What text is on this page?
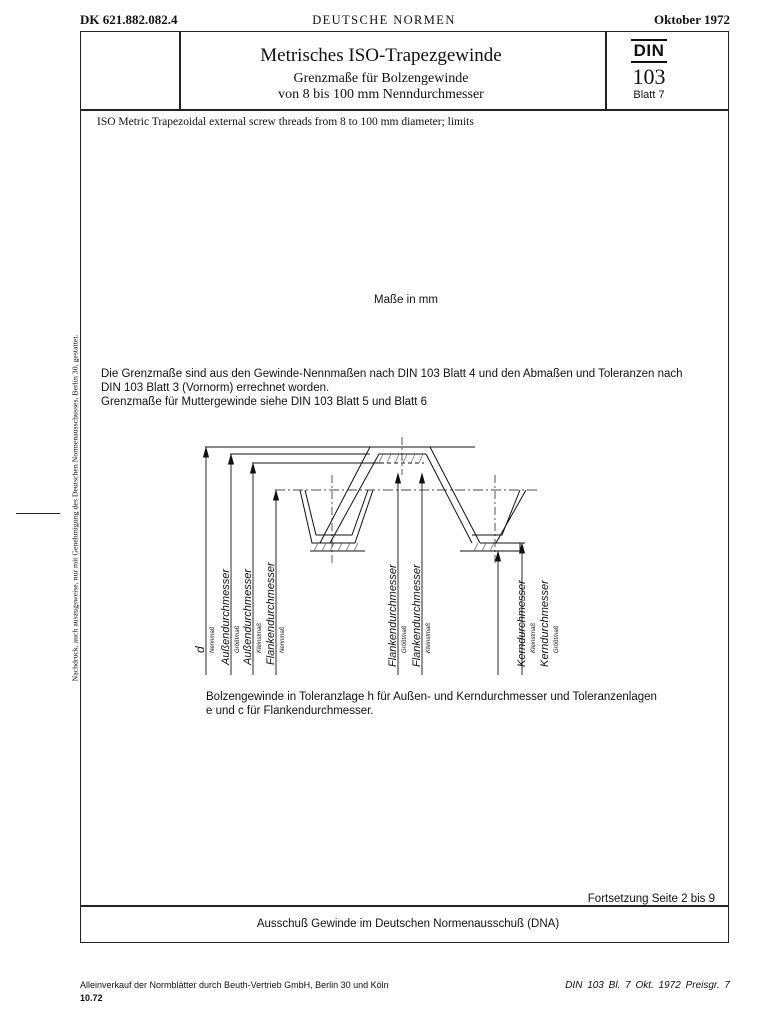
DK 621.882.082.4	DEUTSCHE NORMEN	Oktober 1972
Metrisches ISO-Trapezgewinde
Grenzmaße für Bolzengewinde
von 8 bis 100 mm Nenndurchmesser
DIN
103
Blatt 7
ISO Metric Trapezoidal external screw threads from 8 to 100 mm diameter; limits
Maße in mm
Die Grenzmaße sind aus den Gewinde-Nennmaßen nach DIN 103 Blatt 4 und den Abmaßen und Toleranzen nach
DIN 103 Blatt 3 (Vornorm) errechnet worden.
Grenzmaße für Muttergewinde siehe DIN 103 Blatt 5 und Blatt 6
d Nennmaß Außendurchmesser Größtmaß Außendurchmesser Kleinstmaß Flankendurchmesser Nennmaß	Flankendurchmesser Größtmaß Flankendurchmesser Kleinstmaß	Kerndurchmesser Kleinstmaß Kerndurchmesser Größtmaß
Bolzengewinde in Toleranzlage h für Außen- und Kerndurchmesser und Toleranzenlagen
e und c für Flankendurchmesser.
Fortsetzung Seite 2 bis 9
Ausschuß Gewinde im Deutschen Normenausschuß (DNA)
Nachdruck, auch auszugsweise, nur mit Genehmigung des Deutschen Normenausschusses, Berlin 30, gestattet.
Alleinverkauf der Normblätter durch Beuth-Vertrieb GmbH, Berlin 30 und Köln
10.72
DIN 103 Bl. 7 Okt. 1972 Preisgr. 7
